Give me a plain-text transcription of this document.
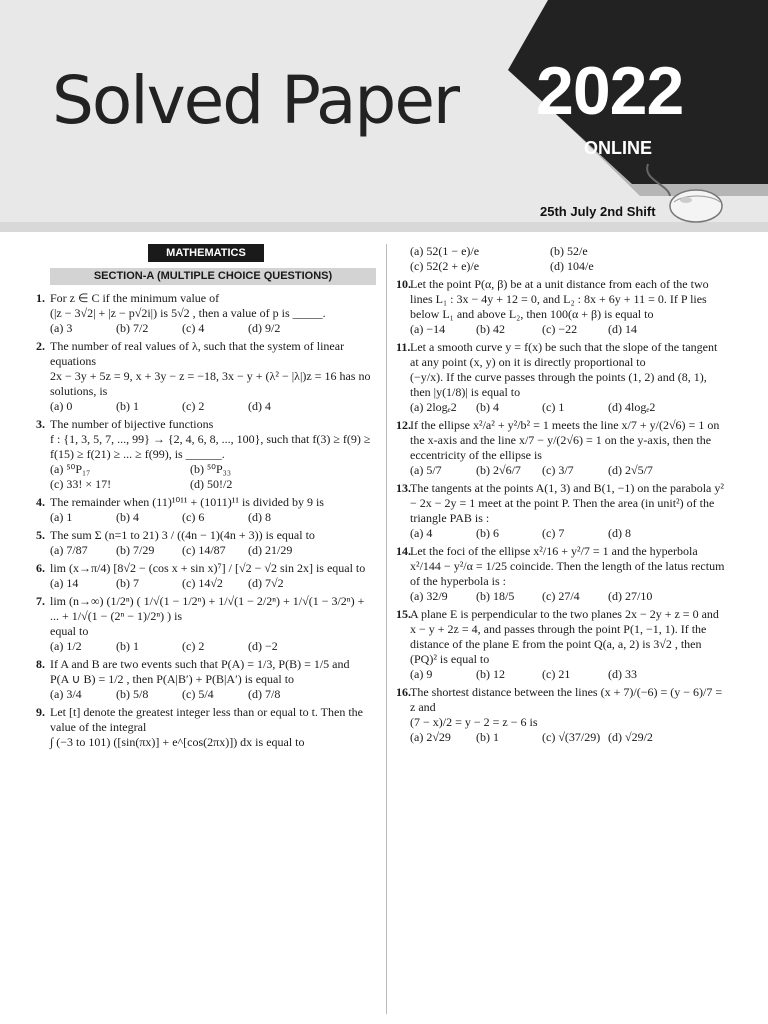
Solved Paper 2022
ONLINE
25th July 2nd Shift
MATHEMATICS
SECTION-A (MULTIPLE CHOICE QUESTIONS)
1. For z ∈ C if the minimum value of
(|z − 3√2| + |z − p√2i|) is 5√2 , then a value of p is _____.
(a) 3	(b) 7/2	(c) 4	(d) 9/2
2. The number of real values of λ, such that the system of linear equations
2x − 3y + 5z = 9, x + 3y − z = −18, 3x − y + (λ² − |λ|)z = 16 has no solutions, is
(a) 0	(b) 1	(c) 2	(d) 4
3. The number of bijective functions
f : {1, 3, 5, 7, ..., 99} → {2, 4, 6, 8, ..., 100}, such that f(3) ≥ f(9) ≥ f(15) ≥ f(21) ≥ ... ≥ f(99), is ______.
(a) ⁵⁰P₁₇	(b) ⁵⁰P₃₃
(c) 33! × 17!	(d) 50!/2
4. The remainder when (11)¹⁰¹¹ + (1011)¹¹ is divided by 9 is
(a) 1	(b) 4	(c) 6	(d) 8
5. The sum Σ (n=1 to 21) 3 / ((4n − 1)(4n + 3)) is equal to
(a) 7/87	(b) 7/29	(c) 14/87	(d) 21/29
6. lim (x→π/4) [8√2 − (cos x + sin x)⁷] / [√2 − √2 sin 2x] is equal to
(a) 14	(b) 7	(c) 14√2	(d) 7√2
7. lim (n→∞) (1/2ⁿ) ( 1/√(1 − 1/2ⁿ) + 1/√(1 − 2/2ⁿ) + 1/√(1 − 3/2ⁿ) + ... + 1/√(1 − (2ⁿ − 1)/2ⁿ) ) is
equal to
(a) 1/2	(b) 1	(c) 2	(d) −2
8. If A and B are two events such that P(A) = 1/3, P(B) = 1/5 and
P(A ∪ B) = 1/2 , then P(A|B′) + P(B|A′) is equal to
(a) 3/4	(b) 5/8	(c) 5/4	(d) 7/8
9. Let [t] denote the greatest integer less than or equal to t. Then the value of the integral
∫ (−3 to 101) ([sin(πx)] + e^[cos(2πx)]) dx is equal to
(a) 52(1 − e)/e	(b) 52/e
(c) 52(2 + e)/e	(d) 104/e
10. Let the point P(α, β) be at a unit distance from each of the two lines L₁ : 3x − 4y + 12 = 0, and L₂ : 8x + 6y + 11 = 0. If P lies below L₁ and above L₂, then 100(α + β) is equal to
(a) −14	(b) 42	(c) −22	(d) 14
11. Let a smooth curve y = f(x) be such that the slope of the tangent at any point (x, y) on it is directly proportional to
(−y/x). If the curve passes through the points (1, 2) and (8, 1), then |y(1/8)| is equal to
(a) 2logₑ2	(b) 4	(c) 1	(d) 4logₑ2
12. If the ellipse x²/a² + y²/b² = 1 meets the line x/7 + y/(2√6) = 1 on
the x-axis and the line x/7 − y/(2√6) = 1 on the y-axis, then the eccentricity of the ellipse is
(a) 5/7	(b) 2√6/7	(c) 3/7	(d) 2√5/7
13. The tangents at the points A(1, 3) and B(1, −1) on the parabola y² − 2x − 2y = 1 meet at the point P. Then the area (in unit²) of the triangle PAB is :
(a) 4	(b) 6	(c) 7	(d) 8
14. Let the foci of the ellipse x²/16 + y²/7 = 1 and the hyperbola
x²/144 − y²/α = 1/25 coincide. Then the length of the latus rectum of the hyperbola is :
(a) 32/9	(b) 18/5	(c) 27/4	(d) 27/10
15. A plane E is perpendicular to the two planes 2x − 2y + z = 0 and x − y + 2z = 4, and passes through the point P(1, −1, 1). If the distance of the plane E from the point Q(a, a, 2) is 3√2 , then (PQ)² is equal to
(a) 9	(b) 12	(c) 21	(d) 33
16. The shortest distance between the lines (x + 7)/(−6) = (y − 6)/7 = z and
(7 − x)/2 = y − 2 = z − 6 is
(a) 2√29	(b) 1	(c) √(37/29) (d) √29/2
